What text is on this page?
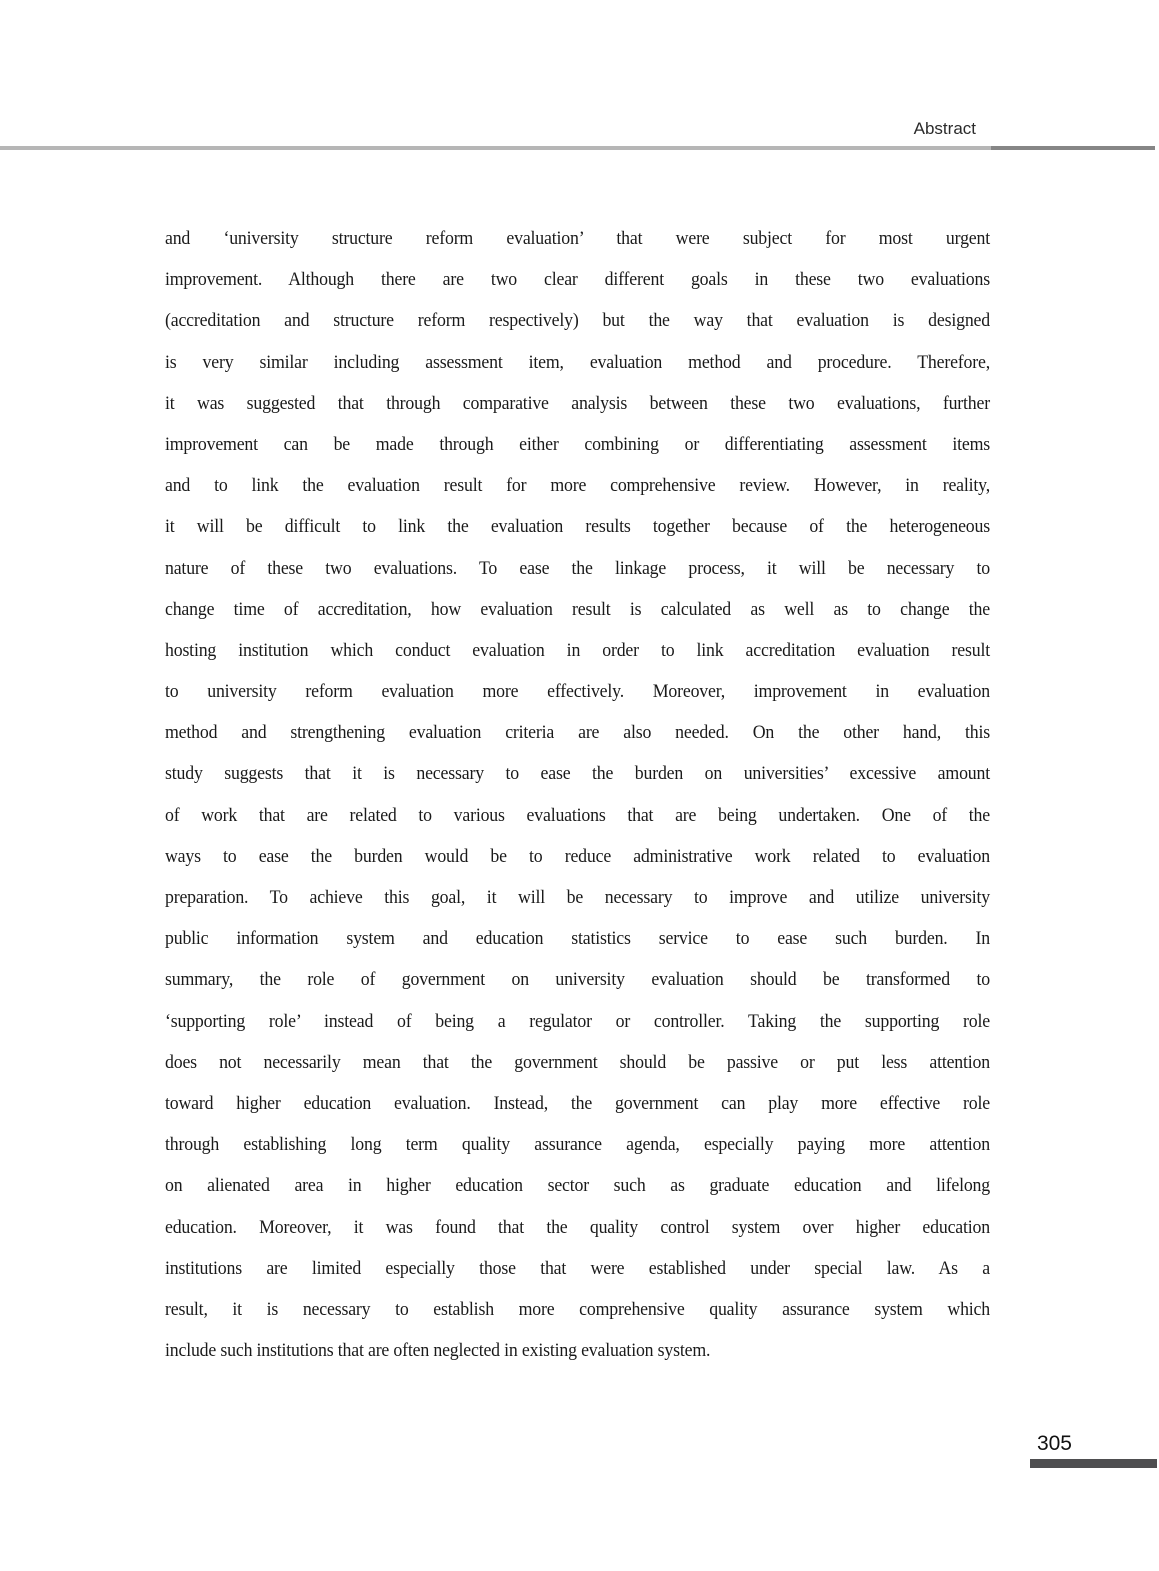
Abstract
and ‘university structure reform evaluation’ that were subject for most urgent
improvement. Although there are two clear different goals in these two evaluations
(accreditation and structure reform respectively) but the way that evaluation is designed
is very similar including assessment item, evaluation method and procedure. Therefore,
it was suggested that through comparative analysis between these two evaluations, further
improvement can be made through either combining or differentiating assessment items
and to link the evaluation result for more comprehensive review. However, in reality,
it will be difficult to link the evaluation results together because of the heterogeneous
nature of these two evaluations. To ease the linkage process, it will be necessary to
change time of accreditation, how evaluation result is calculated as well as to change the
hosting institution which conduct evaluation in order to link accreditation evaluation result
to university reform evaluation more effectively. Moreover, improvement in evaluation
method and strengthening evaluation criteria are also needed. On the other hand, this
study suggests that it is necessary to ease the burden on universities’ excessive amount
of work that are related to various evaluations that are being undertaken. One of the
ways to ease the burden would be to reduce administrative work related to evaluation
preparation. To achieve this goal, it will be necessary to improve and utilize university
public information system and education statistics service to ease such burden. In
summary, the role of government on university evaluation should be transformed to
‘supporting role’ instead of being a regulator or controller. Taking the supporting role
does not necessarily mean that the government should be passive or put less attention
toward higher education evaluation. Instead, the government can play more effective role
through establishing long term quality assurance agenda, especially paying more attention
on alienated area in higher education sector such as graduate education and lifelong
education. Moreover, it was found that the quality control system over higher education
institutions are limited especially those that were established under special law. As a
result, it is necessary to establish more comprehensive quality assurance system which
include such institutions that are often neglected in existing evaluation system.
305
